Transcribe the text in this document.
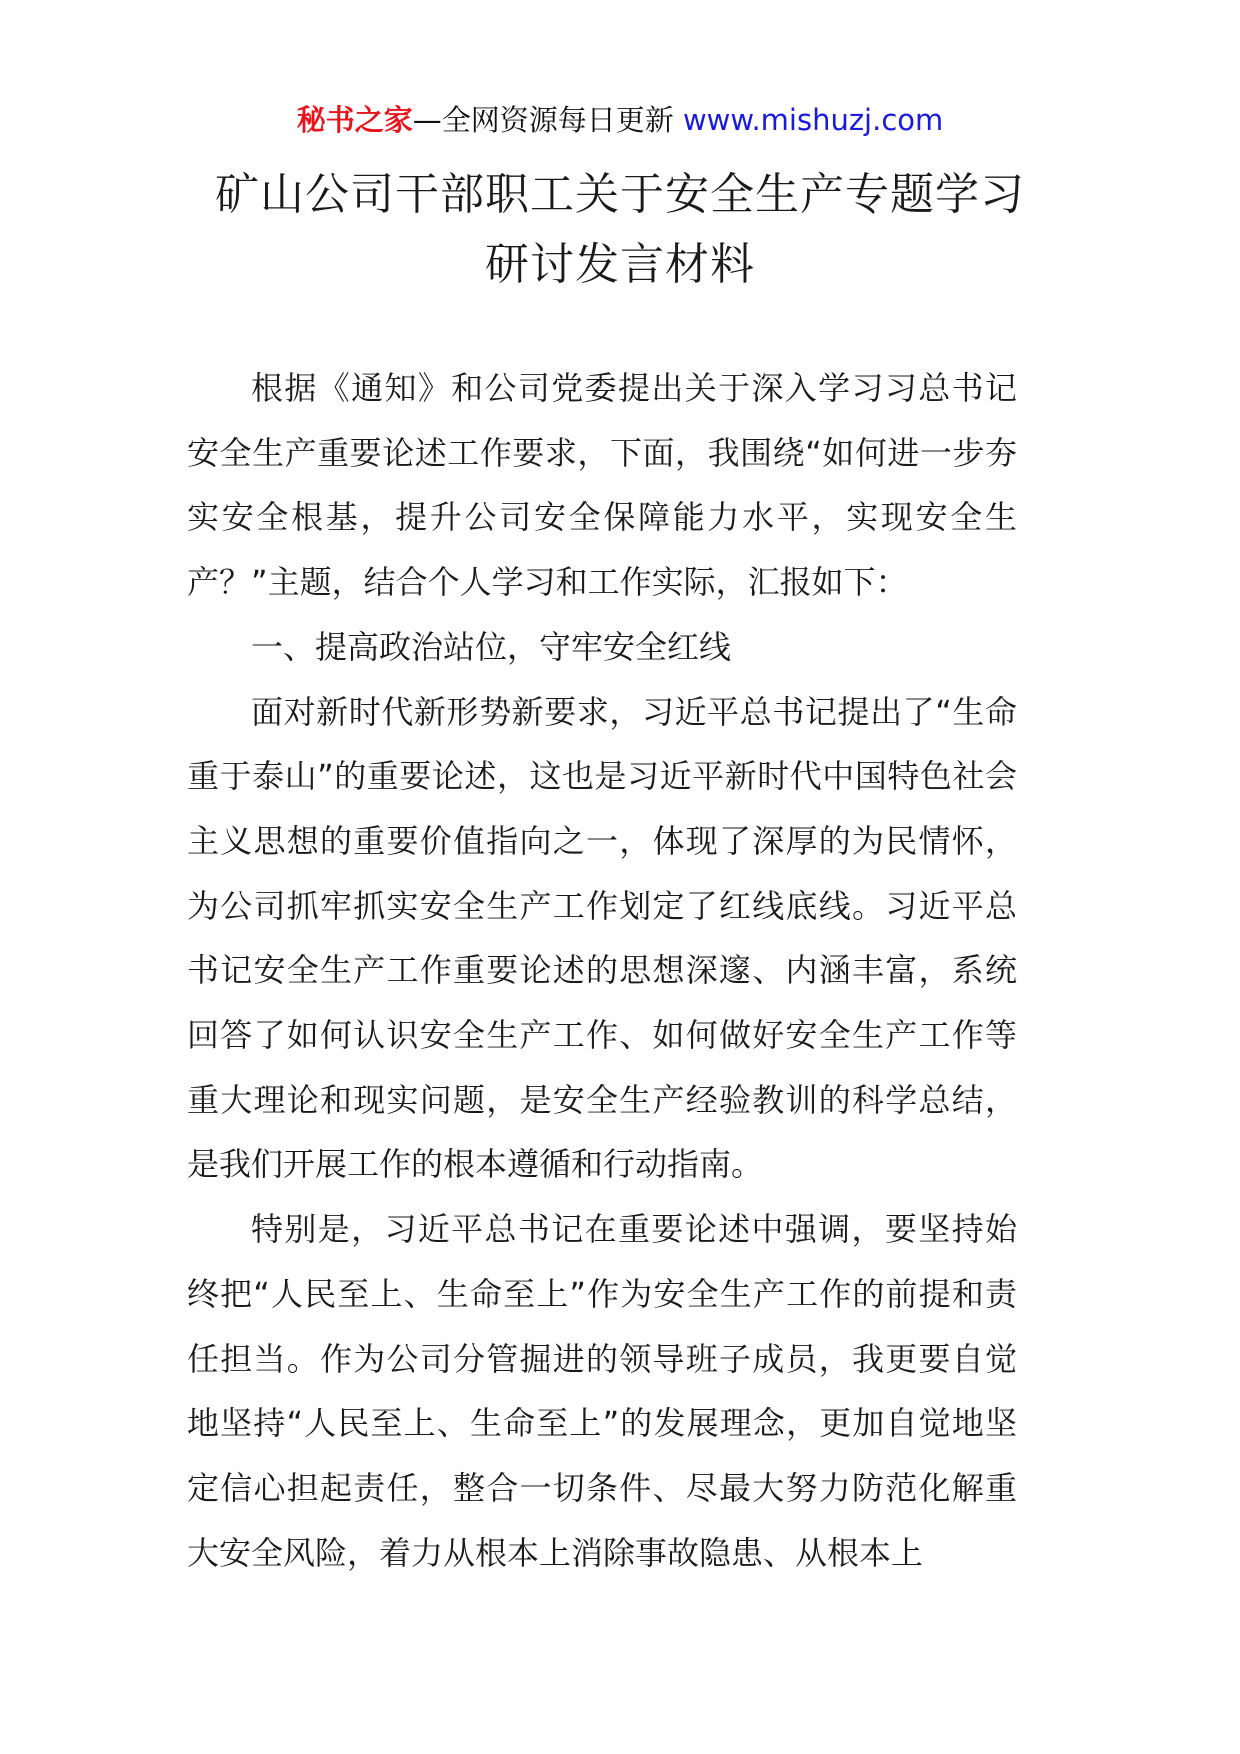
秘书之家—全网资源每日更新 www.mishuzj.com
矿山公司干部职工关于安全生产专题学习
研讨发言材料

根据《通知》和公司党委提出关于深入学习习总书记安全生产重要论述工作要求，下面，我围绕“如何进一步夯实安全根基，提升公司安全保障能力水平，实现安全生产？”主题，结合个人学习和工作实际，汇报如下：

一、提高政治站位，守牢安全红线

面对新时代新形势新要求，习近平总书记提出了“生命重于泰山”的重要论述，这也是习近平新时代中国特色社会主义思想的重要价值指向之一，体现了深厚的为民情怀，为公司抓牢抓实安全生产工作划定了红线底线。习近平总书记安全生产工作重要论述的思想深邃、内涵丰富，系统回答了如何认识安全生产工作、如何做好安全生产工作等重大理论和现实问题，是安全生产经验教训的科学总结，是我们开展工作的根本遵循和行动指南。

特别是，习近平总书记在重要论述中强调，要坚持始终把“人民至上、生命至上”作为安全生产工作的前提和责任担当。作为公司分管掘进的领导班子成员，我更要自觉地坚持“人民至上、生命至上”的发展理念，更加自觉地坚定信心担起责任，整合一切条件、尽最大努力防范化解重大安全风险，着力从根本上消除事故隐患、从根本上
